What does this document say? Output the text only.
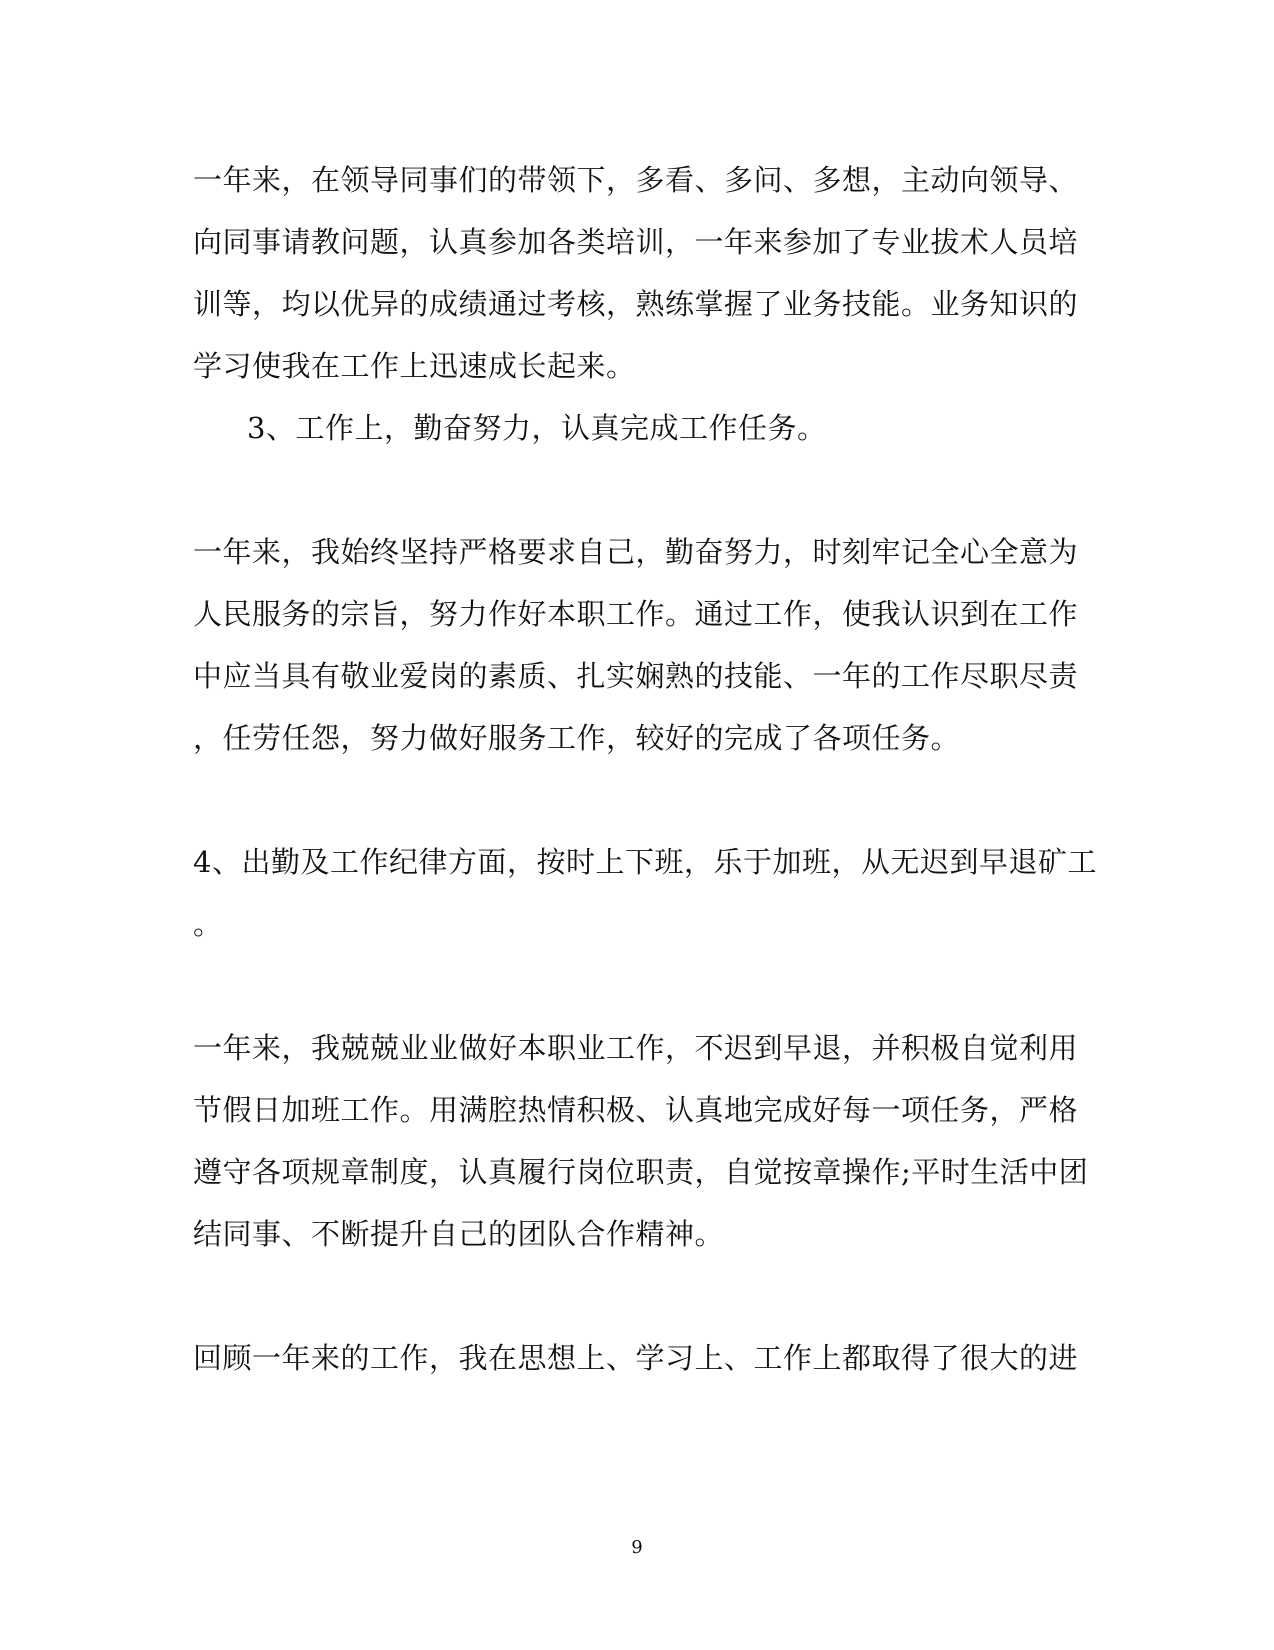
一年来，在领导同事们的带领下，多看、多问、多想，主动向领导、
向同事请教问题，认真参加各类培训，一年来参加了专业拔术人员培
训等，均以优异的成绩通过考核，熟练掌握了业务技能。业务知识的
学习使我在工作上迅速成长起来。
3、工作上，勤奋努力，认真完成工作任务。
一年来，我始终坚持严格要求自己，勤奋努力，时刻牢记全心全意为
人民服务的宗旨，努力作好本职工作。通过工作，使我认识到在工作
中应当具有敬业爱岗的素质、扎实娴熟的技能、一年的工作尽职尽责
，任劳任怨，努力做好服务工作，较好的完成了各项任务。
4、出勤及工作纪律方面，按时上下班，乐于加班，从无迟到早退矿工
。
一年来，我兢兢业业做好本职业工作，不迟到早退，并积极自觉利用
节假日加班工作。用满腔热情积极、认真地完成好每一项任务，严格
遵守各项规章制度，认真履行岗位职责，自觉按章操作;平时生活中团
结同事、不断提升自己的团队合作精神。
回顾一年来的工作，我在思想上、学习上、工作上都取得了很大的进
9
